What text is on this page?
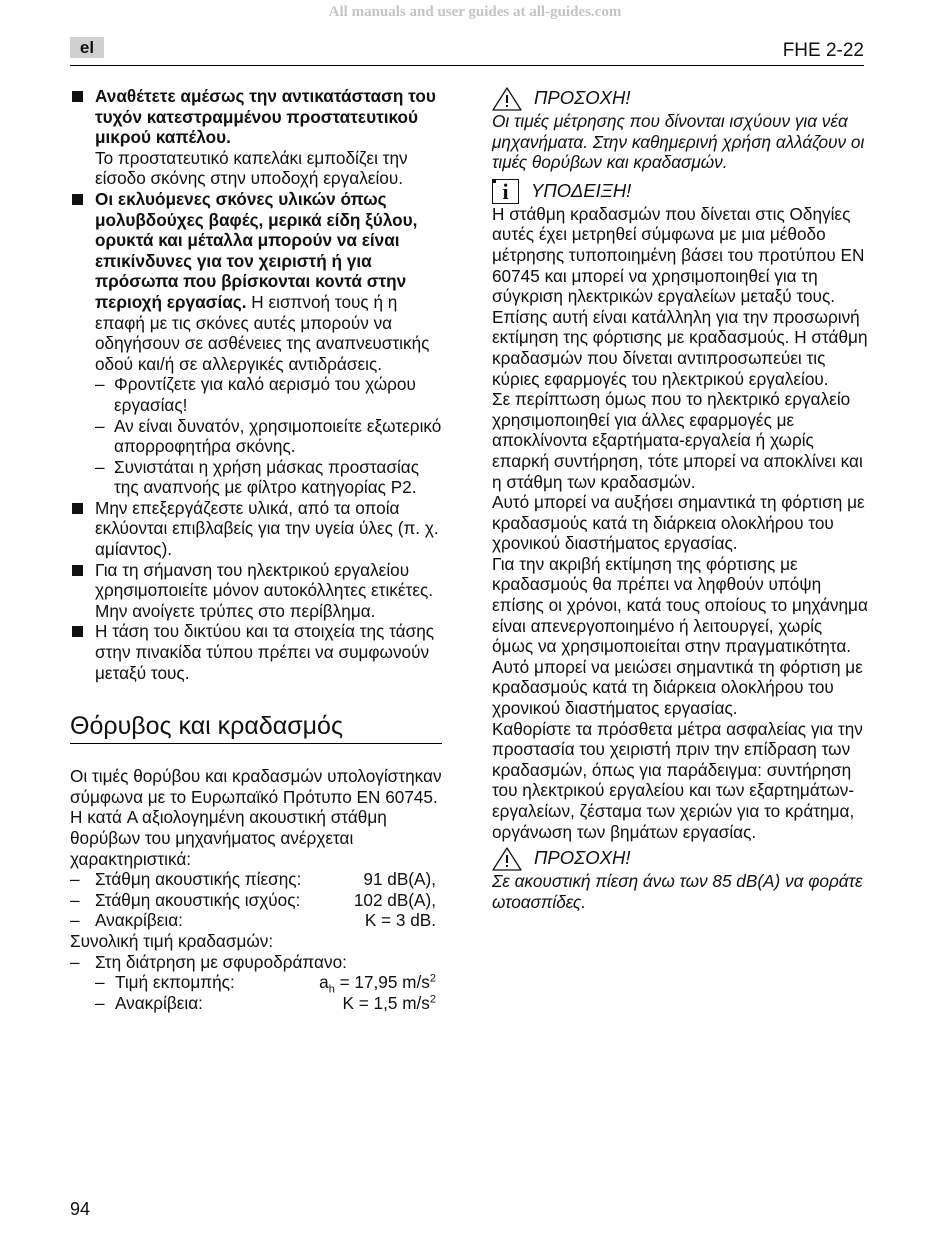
All manuals and user guides at all-guides.com
el	FHE 2-22
Αναθέτετε αμέσως την αντικατάσταση του τυχόν κατεστραμμένου προστατευτικού μικρού καπέλου.
Το προστατευτικό καπελάκι εμποδίζει την είσοδο σκόνης στην υποδοχή εργαλείου.
Οι εκλυόμενες σκόνες υλικών όπως μολυβδούχες βαφές, μερικά είδη ξύλου, ορυκτά και μέταλλα μπορούν να είναι επικίνδυνες για τον χειριστή ή για πρόσωπα που βρίσκονται κοντά στην περιοχή εργασίας. Η εισπνοή τους ή η επαφή με τις σκόνες αυτές μπορούν να οδηγήσουν σε ασθένειες της αναπνευστικής οδού και/ή σε αλλεργικές αντιδράσεις.
– Φροντίζετε για καλό αερισμό του χώρου εργασίας!
– Αν είναι δυνατόν, χρησιμοποιείτε εξωτερικό απορροφητήρα σκόνης.
– Συνιστάται η χρήση μάσκας προστασίας της αναπνοής με φίλτρο κατηγορίας P2.
Μην επεξεργάζεστε υλικά, από τα οποία εκλύονται επιβλαβείς για την υγεία ύλες (π. χ. αμίαντος).
Για τη σήμανση του ηλεκτρικού εργαλείου χρησιμοποιείτε μόνον αυτοκόλλητες ετικέτες. Μην ανοίγετε τρύπες στο περίβλημα.
Η τάση του δικτύου και τα στοιχεία της τάσης στην πινακίδα τύπου πρέπει να συμφωνούν μεταξύ τους.
Θόρυβος και κραδασμός

Οι τιμές θορύβου και κραδασμών υπολογίστηκαν σύμφωνα με το Ευρωπαϊκό Πρότυπο EN 60745.

Η κατά A αξιολογημένη ακουστική στάθμη θορύβων του μηχανήματος ανέρχεται χαρακτηριστικά:

– Στάθμη ακουστικής πίεσης:	91 dB(A),
– Στάθμη ακουστικής ισχύος:	102 dB(A),
– Ανακρίβεια:	K = 3 dB.

Συνολική τιμή κραδασμών:

– Στη διάτρηση με σφυροδράπανο:
– Τιμή εκπομπής:	$a_h = 17,95$ $m/s^2$
– Ανακρίβεια:	K = 1,5 $m/s^2$
ΠΡΟΣΟΧΗ!

Οι τιμές μέτρησης που δίνονται ισχύουν για νέα μηχανήματα. Στην καθημερινή χρήση αλλάζουν οι τιμές θορύβων και κραδασμών.

i	ΥΠΟΔΕΙΞΗ!

Η στάθμη κραδασμών που δίνεται στις Οδηγίες αυτές έχει μετρηθεί σύμφωνα με μια μέθοδο μέτρησης τυποποιημένη βάσει του προτύπου EN 60745 και μπορεί να χρησιμοποιηθεί για τη σύγκριση ηλεκτρικών εργαλείων μεταξύ τους. Επίσης αυτή είναι κατάλληλη για την προσωρινή εκτίμηση της φόρτισης με κραδασμούς. Η στάθμη κραδασμών που δίνεται αντιπροσωπεύει τις κύριες εφαρμογές του ηλεκτρικού εργαλείου.

Σε περίπτωση όμως που το ηλεκτρικό εργαλείο χρησιμοποιηθεί για άλλες εφαρμογές με αποκλίνοντα εξαρτήματα-εργαλεία ή χωρίς επαρκή συντήρηση, τότε μπορεί να αποκλίνει και η στάθμη των κραδασμών.

Αυτό μπορεί να αυξήσει σημαντικά τη φόρτιση με κραδασμούς κατά τη διάρκεια ολοκλήρου του χρονικού διαστήματος εργασίας.

Για την ακριβή εκτίμηση της φόρτισης με κραδασμούς θα πρέπει να ληφθούν υπόψη επίσης οι χρόνοι, κατά τους οποίους το μηχάνημα είναι απενεργοποιημένο ή λειτουργεί, χωρίς όμως να χρησιμοποιείται στην πραγματικότητα. Αυτό μπορεί να μειώσει σημαντικά τη φόρτιση με κραδασμούς κατά τη διάρκεια ολοκλήρου του χρονικού διαστήματος εργασίας.

Καθορίστε τα πρόσθετα μέτρα ασφαλείας για την προστασία του χειριστή πριν την επίδραση των κραδασμών, όπως για παράδειγμα: συντήρηση του ηλεκτρικού εργαλείου και των εξαρτημάτων-εργαλείων, ζέσταμα των χεριών για το κράτημα, οργάνωση των βημάτων εργασίας.

ΠΡΟΣΟΧΗ!

Σε ακουστική πίεση άνω των 85 dB(A) να φοράτε ωτοασπίδες.

94
